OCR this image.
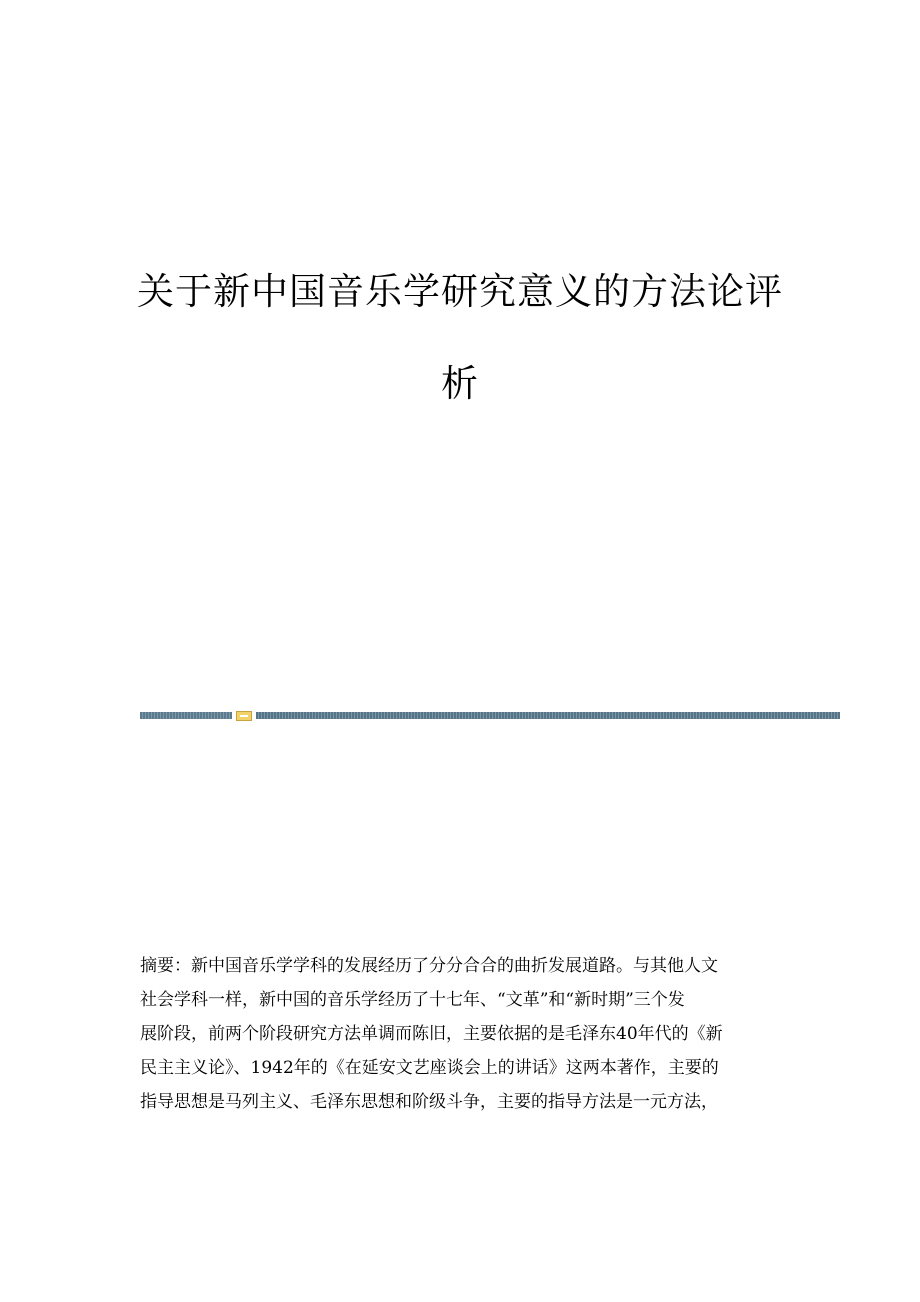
关于新中国音乐学研究意义的方法论评
析
摘要：新中国音乐学学科的发展经历了分分合合的曲折发展道路。与其他人文
社会学科一样，新中国的音乐学经历了十七年、“文革”和“新时期”三个发
展阶段，前两个阶段研究方法单调而陈旧，主要依据的是毛泽东40年代的《新
民主主义论》、1942年的《在延安文艺座谈会上的讲话》这两本著作，主要的
指导思想是马列主义、毛泽东思想和阶级斗争，主要的指导方法是一元方法，
